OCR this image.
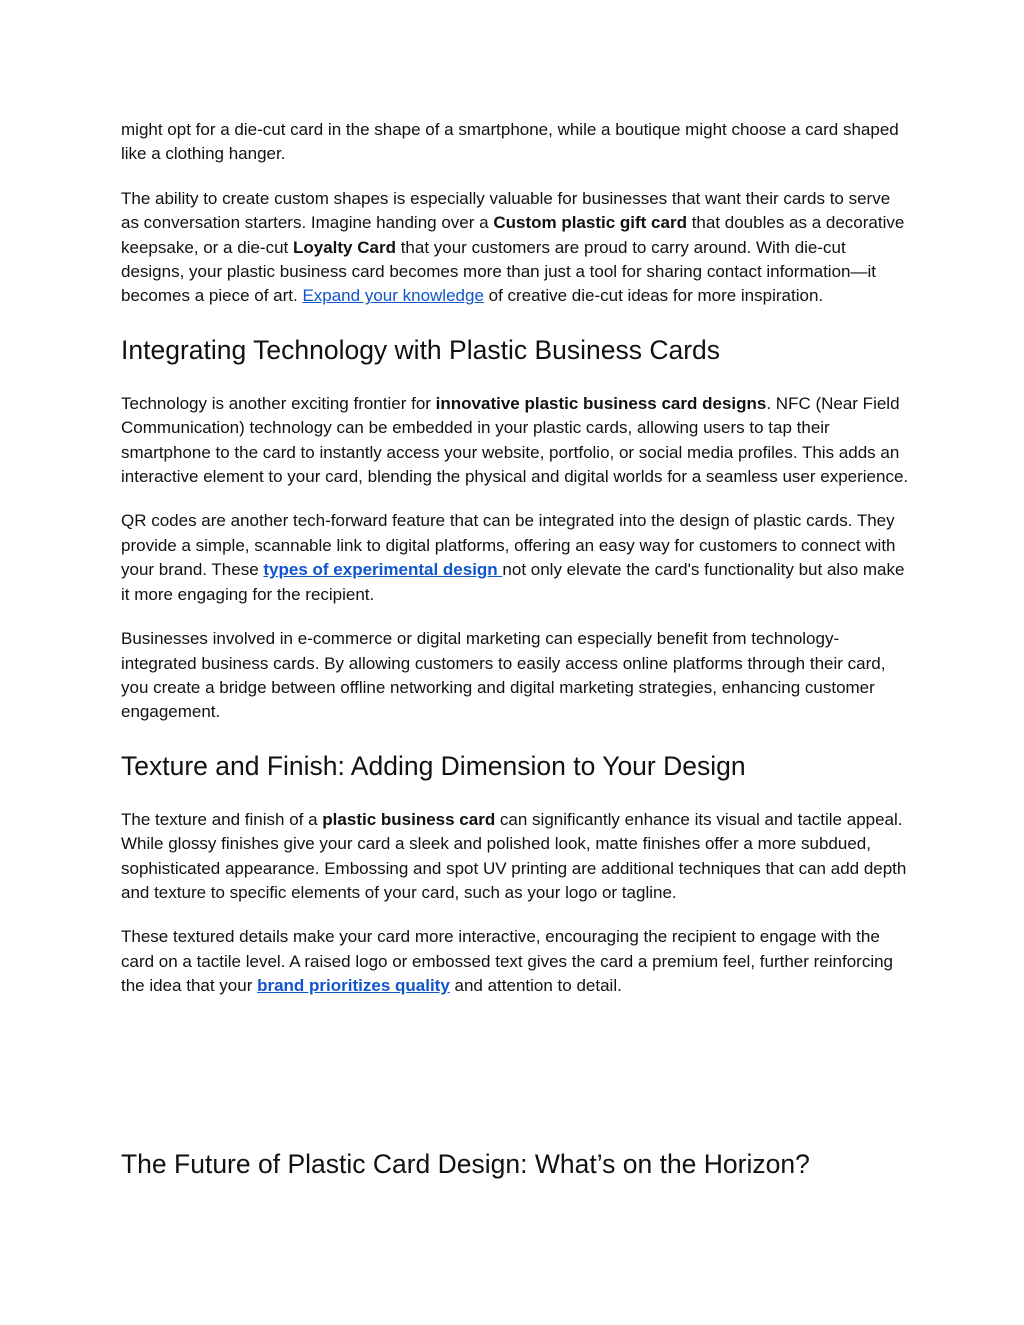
might opt for a die-cut card in the shape of a smartphone, while a boutique might choose a card shaped like a clothing hanger.

The ability to create custom shapes is especially valuable for businesses that want their cards to serve as conversation starters. Imagine handing over a Custom plastic gift card that doubles as a decorative keepsake, or a die-cut Loyalty Card that your customers are proud to carry around. With die-cut designs, your plastic business card becomes more than just a tool for sharing contact information—it becomes a piece of art. Expand your knowledge of creative die-cut ideas for more inspiration.

Integrating Technology with Plastic Business Cards

Technology is another exciting frontier for innovative plastic business card designs. NFC (Near Field Communication) technology can be embedded in your plastic cards, allowing users to tap their smartphone to the card to instantly access your website, portfolio, or social media profiles. This adds an interactive element to your card, blending the physical and digital worlds for a seamless user experience.

QR codes are another tech-forward feature that can be integrated into the design of plastic cards. They provide a simple, scannable link to digital platforms, offering an easy way for customers to connect with your brand. These types of experimental design not only elevate the card's functionality but also make it more engaging for the recipient.

Businesses involved in e-commerce or digital marketing can especially benefit from technology-integrated business cards. By allowing customers to easily access online platforms through their card, you create a bridge between offline networking and digital marketing strategies, enhancing customer engagement.

Texture and Finish: Adding Dimension to Your Design

The texture and finish of a plastic business card can significantly enhance its visual and tactile appeal. While glossy finishes give your card a sleek and polished look, matte finishes offer a more subdued, sophisticated appearance. Embossing and spot UV printing are additional techniques that can add depth and texture to specific elements of your card, such as your logo or tagline.

These textured details make your card more interactive, encouraging the recipient to engage with the card on a tactile level. A raised logo or embossed text gives the card a premium feel, further reinforcing the idea that your brand prioritizes quality and attention to detail.

The Future of Plastic Card Design: What’s on the Horizon?
